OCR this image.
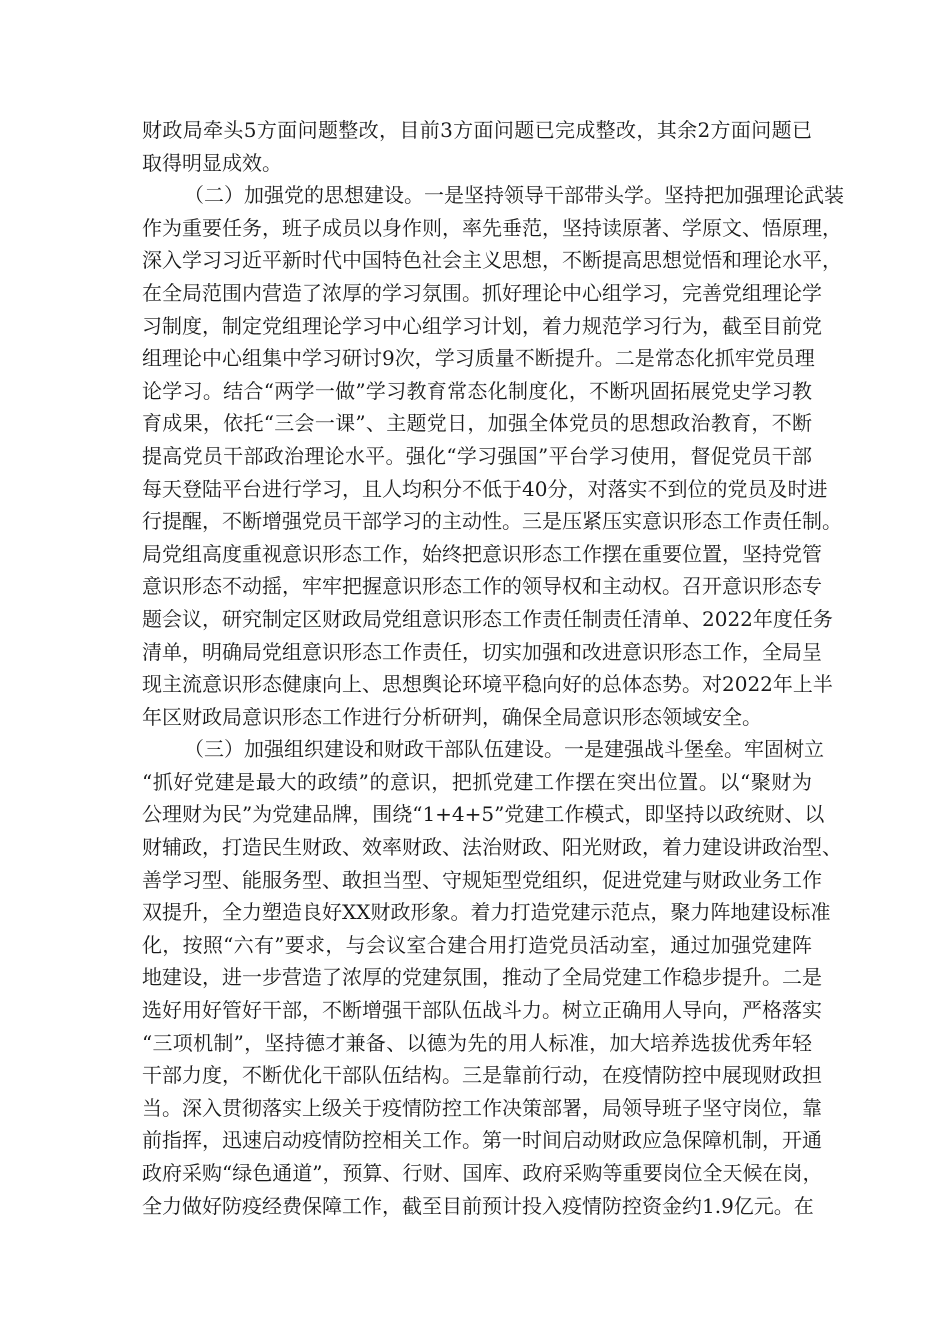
财政局牵头5方面问题整改，目前3方面问题已完成整改，其余2方面问题已
取得明显成效。
（二）加强党的思想建设。一是坚持领导干部带头学。坚持把加强理论武装
作为重要任务，班子成员以身作则，率先垂范，坚持读原著、学原文、悟原理，
深入学习习近平新时代中国特色社会主义思想，不断提高思想觉悟和理论水平，
在全局范围内营造了浓厚的学习氛围。抓好理论中心组学习，完善党组理论学
习制度，制定党组理论学习中心组学习计划，着力规范学习行为，截至目前党
组理论中心组集中学习研讨9次，学习质量不断提升。二是常态化抓牢党员理
论学习。结合“两学一做”学习教育常态化制度化，不断巩固拓展党史学习教
育成果，依托“三会一课”、主题党日，加强全体党员的思想政治教育，不断
提高党员干部政治理论水平。强化“学习强国”平台学习使用，督促党员干部
每天登陆平台进行学习，且人均积分不低于40分，对落实不到位的党员及时进
行提醒，不断增强党员干部学习的主动性。三是压紧压实意识形态工作责任制。
局党组高度重视意识形态工作，始终把意识形态工作摆在重要位置，坚持党管
意识形态不动摇，牢牢把握意识形态工作的领导权和主动权。召开意识形态专
题会议，研究制定区财政局党组意识形态工作责任制责任清单、2022年度任务
清单，明确局党组意识形态工作责任，切实加强和改进意识形态工作，全局呈
现主流意识形态健康向上、思想舆论环境平稳向好的总体态势。对2022年上半
年区财政局意识形态工作进行分析研判，确保全局意识形态领域安全。
（三）加强组织建设和财政干部队伍建设。一是建强战斗堡垒。牢固树立
“抓好党建是最大的政绩”的意识，把抓党建工作摆在突出位置。以“聚财为
公理财为民”为党建品牌，围绕“1+4+5”党建工作模式，即坚持以政统财、以
财辅政，打造民生财政、效率财政、法治财政、阳光财政，着力建设讲政治型、
善学习型、能服务型、敢担当型、守规矩型党组织，促进党建与财政业务工作
双提升，全力塑造良好XX财政形象。着力打造党建示范点，聚力阵地建设标准
化，按照“六有”要求，与会议室合建合用打造党员活动室，通过加强党建阵
地建设，进一步营造了浓厚的党建氛围，推动了全局党建工作稳步提升。二是
选好用好管好干部，不断增强干部队伍战斗力。树立正确用人导向，严格落实
“三项机制”，坚持德才兼备、以德为先的用人标准，加大培养选拔优秀年轻
干部力度，不断优化干部队伍结构。三是靠前行动，在疫情防控中展现财政担
当。深入贯彻落实上级关于疫情防控工作决策部署，局领导班子坚守岗位，靠
前指挥，迅速启动疫情防控相关工作。第一时间启动财政应急保障机制，开通
政府采购“绿色通道”，预算、行财、国库、政府采购等重要岗位全天候在岗，
全力做好防疫经费保障工作，截至目前预计投入疫情防控资金约1.9亿元。在
